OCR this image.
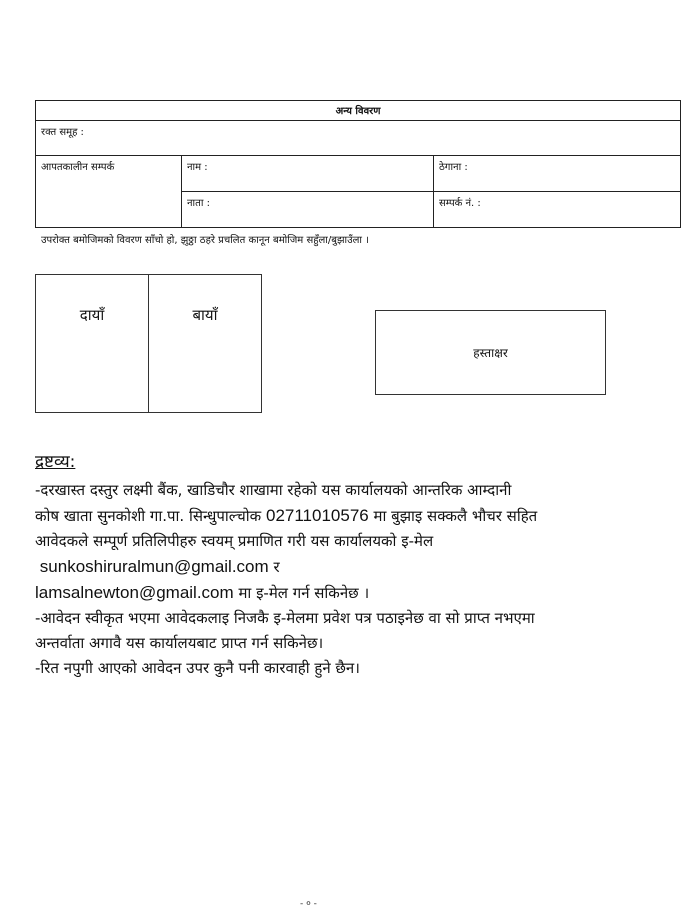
अन्य विवरण		
रक्त समूह :		
आपतकालीन सम्पर्क	नाम :	ठेगाना :
	नाता :	सम्पर्क नं. :
उपरोक्त बमोजिमको विवरण साँचो हो, झुठ्ठा ठहरे प्रचलित कानून बमोजिम सहुँला/बुझाउँला ।
दायाँ	बायाँ
हस्ताक्षर
द्रष्टव्य:

-दरखास्त दस्तुर लक्ष्मी बैंक, खाडिचौर शाखामा रहेको यस कार्यालयको आन्तरिक आम्दानी

कोष खाता सुनकोशी गा.पा. सिन्धुपाल्चोक 02711010576 मा बुझाइ सक्कलै भौचर सहित

आवेदकले सम्पूर्ण प्रतिलिपीहरु स्वयम् प्रमाणित गरी यस कार्यालयको इ-मेल

sunkoshiruralmun@gmail.com र

lamsalnewton@gmail.com मा इ-मेल गर्न सकिनेछ ।

-आवेदन स्वीकृत भएमा आवेदकलाइ निजकै इ-मेलमा प्रवेश पत्र पठाइनेछ वा सो प्राप्त नभएमा

अन्तर्वाता अगावै यस कार्यालयबाट प्राप्त गर्न सकिनेछ।

-रित नपुगी आएको आवेदन उपर कुनै पनी कारवाही हुने छैन।

- ० -
